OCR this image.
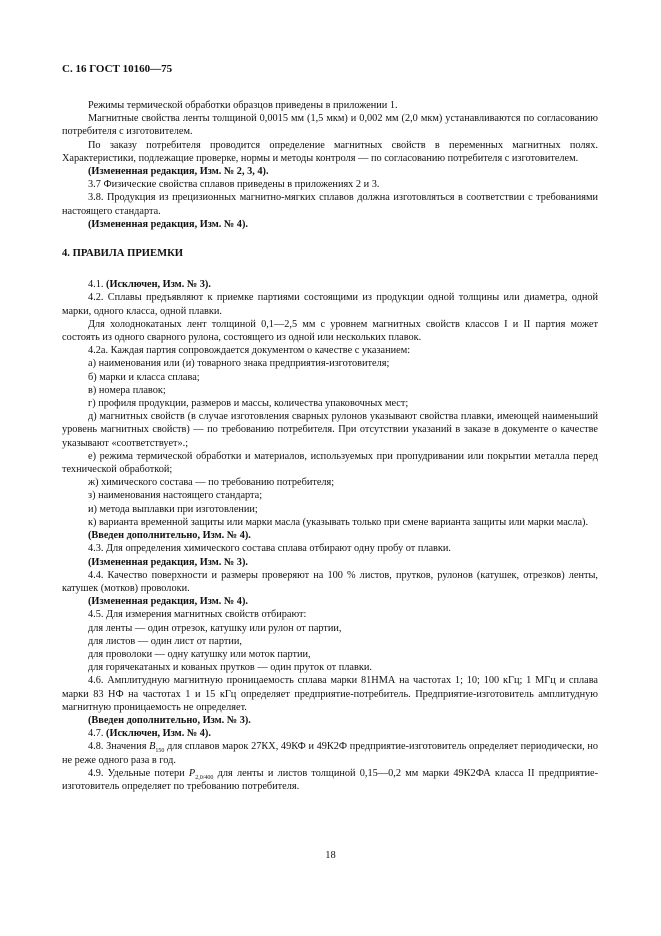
С. 16 ГОСТ 10160—75

Режимы термической обработки образцов приведены в приложении 1.

Магнитные свойства ленты толщиной 0,0015 мм (1,5 мкм) и 0,002 мм (2,0 мкм) устанавливаются по согласованию потребителя с изготовителем.

По заказу потребителя проводится определение магнитных свойств в переменных магнитных полях. Характеристики, подлежащие проверке, нормы и методы контроля — по согласованию потребителя с изготовителем.

(Измененная редакция, Изм. № 2, 3, 4).

3.7 Физические свойства сплавов приведены в приложениях 2 и 3.

3.8. Продукция из прецизионных магнитно-мягких сплавов должна изготовляться в соответствии с требованиями настоящего стандарта.

(Измененная редакция, Изм. № 4).

4. ПРАВИЛА ПРИЕМКИ

4.1. (Исключен, Изм. № 3).

4.2. Сплавы предъявляют к приемке партиями состоящими из продукции одной толщины или диаметра, одной марки, одного класса, одной плавки.

Для холоднокатаных лент толщиной 0,1—2,5 мм с уровнем магнитных свойств классов I и II партия может состоять из одного сварного рулона, состоящего из одной или нескольких плавок.

4.2а. Каждая партия сопровождается документом о качестве с указанием:

а) наименования или (и) товарного знака предприятия-изготовителя;

б) марки и класса сплава;

в) номера плавок;

г) профиля продукции, размеров и массы, количества упаковочных мест;

д) магнитных свойств (в случае изготовления сварных рулонов указывают свойства плавки, имеющей наименьший уровень магнитных свойств) — по требованию потребителя. При отсутствии указаний в заказе в документе о качестве указывают «соответствует».;

е) режима термической обработки и материалов, используемых при пропудривании или покрытии металла перед технической обработкой;

ж) химического состава — по требованию потребителя;

з) наименования настоящего стандарта;

и) метода выплавки при изготовлении;

к) варианта временной защиты или марки масла (указывать только при смене варианта защиты или марки масла).

(Введен дополнительно, Изм. № 4).

4.3. Для определения химического состава сплава отбирают одну пробу от плавки.

(Измененная редакция, Изм. № 3).

4.4. Качество поверхности и размеры проверяют на 100 % листов, прутков, рулонов (катушек, отрезков) ленты, катушек (мотков) проволоки.

(Измененная редакция, Изм. № 4).

4.5. Для измерения магнитных свойств отбирают:

для ленты — один отрезок, катушку или рулон от партии,

для листов — один лист от партии,

для проволоки — одну катушку или моток партии,

для горячекатаных и кованых прутков — один пруток от плавки.

4.6. Амплитудную магнитную проницаемость сплава марки 81НМА на частотах 1; 10; 100 кГц; 1 МГц и сплава марки 83 НФ на частотах 1 и 15 кГц определяет предприятие-потребитель. Предприятие-изготовитель амплитудную магнитную проницаемость не определяет.

(Введен дополнительно, Изм. № 3).

4.7. (Исключен, Изм. № 4).

4.8. Значения $B_{150}$ для сплавов марок 27КХ, 49КФ и 49К2Ф предприятие-изготовитель определяет периодически, но не реже одного раза в год.

4.9. Удельные потери $P_{2,0/400}$ для ленты и листов толщиной 0,15—0,2 мм марки 49К2ФА класса II предприятие-изготовитель определяет по требованию потребителя.

18
